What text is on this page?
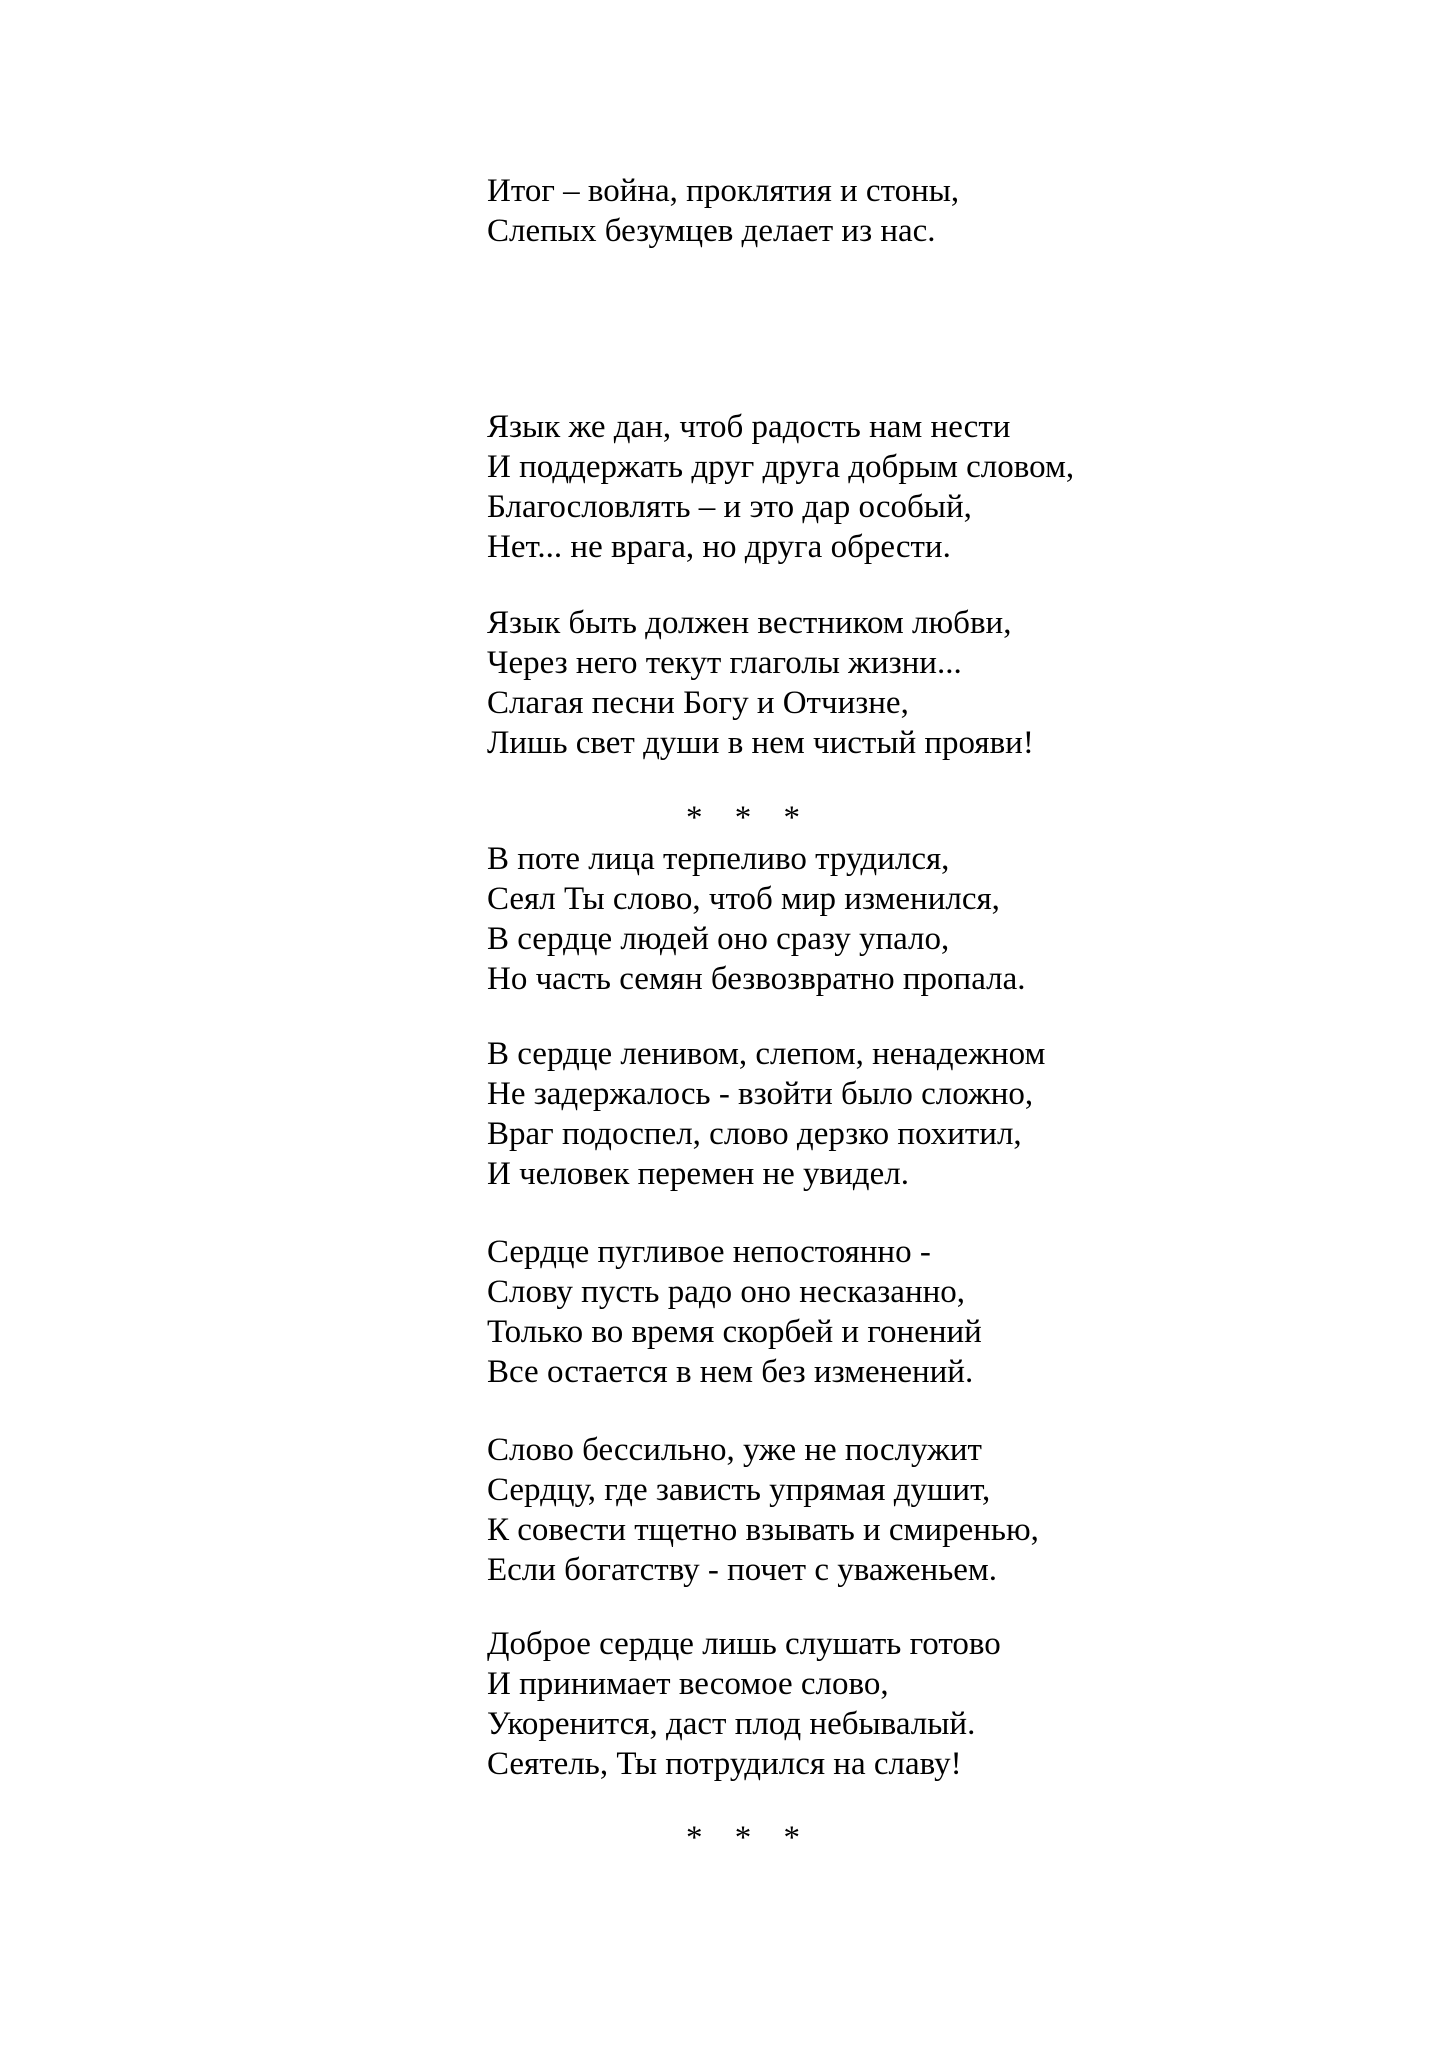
Итог – война, проклятия и стоны,
Слепых безумцев делает из нас.
Язык же дан, чтоб радость нам нести
И поддержать друг друга добрым словом,
Благословлять – и это дар особый,
Нет... не врага, но друга обрести.
Язык быть должен вестником любви,
Через него текут глаголы жизни...
Слагая песни Богу и Отчизне,
Лишь свет души в нем чистый прояви!
* * *
В поте лица терпеливо трудился,
Сеял Ты слово, чтоб мир изменился,
В сердце людей оно сразу упало,
Но часть семян безвозвратно пропала.
В сердце ленивом, слепом, ненадежном
Не задержалось - взойти было сложно,
Враг подоспел, слово дерзко похитил,
И человек перемен не увидел.
Сердце пугливое непостоянно -
Слову пусть радо оно несказанно,
Только во время скорбей и гонений
Все остается в нем без изменений.
Слово бессильно, уже не послужит
Сердцу, где зависть упрямая душит,
К совести тщетно взывать и смиренью,
Если богатству - почет с уваженьем.
Доброе сердце лишь слушать готово
И принимает весомое слово,
Укоренится, даст плод небывалый.
Сеятель, Ты потрудился на славу!
* * *
